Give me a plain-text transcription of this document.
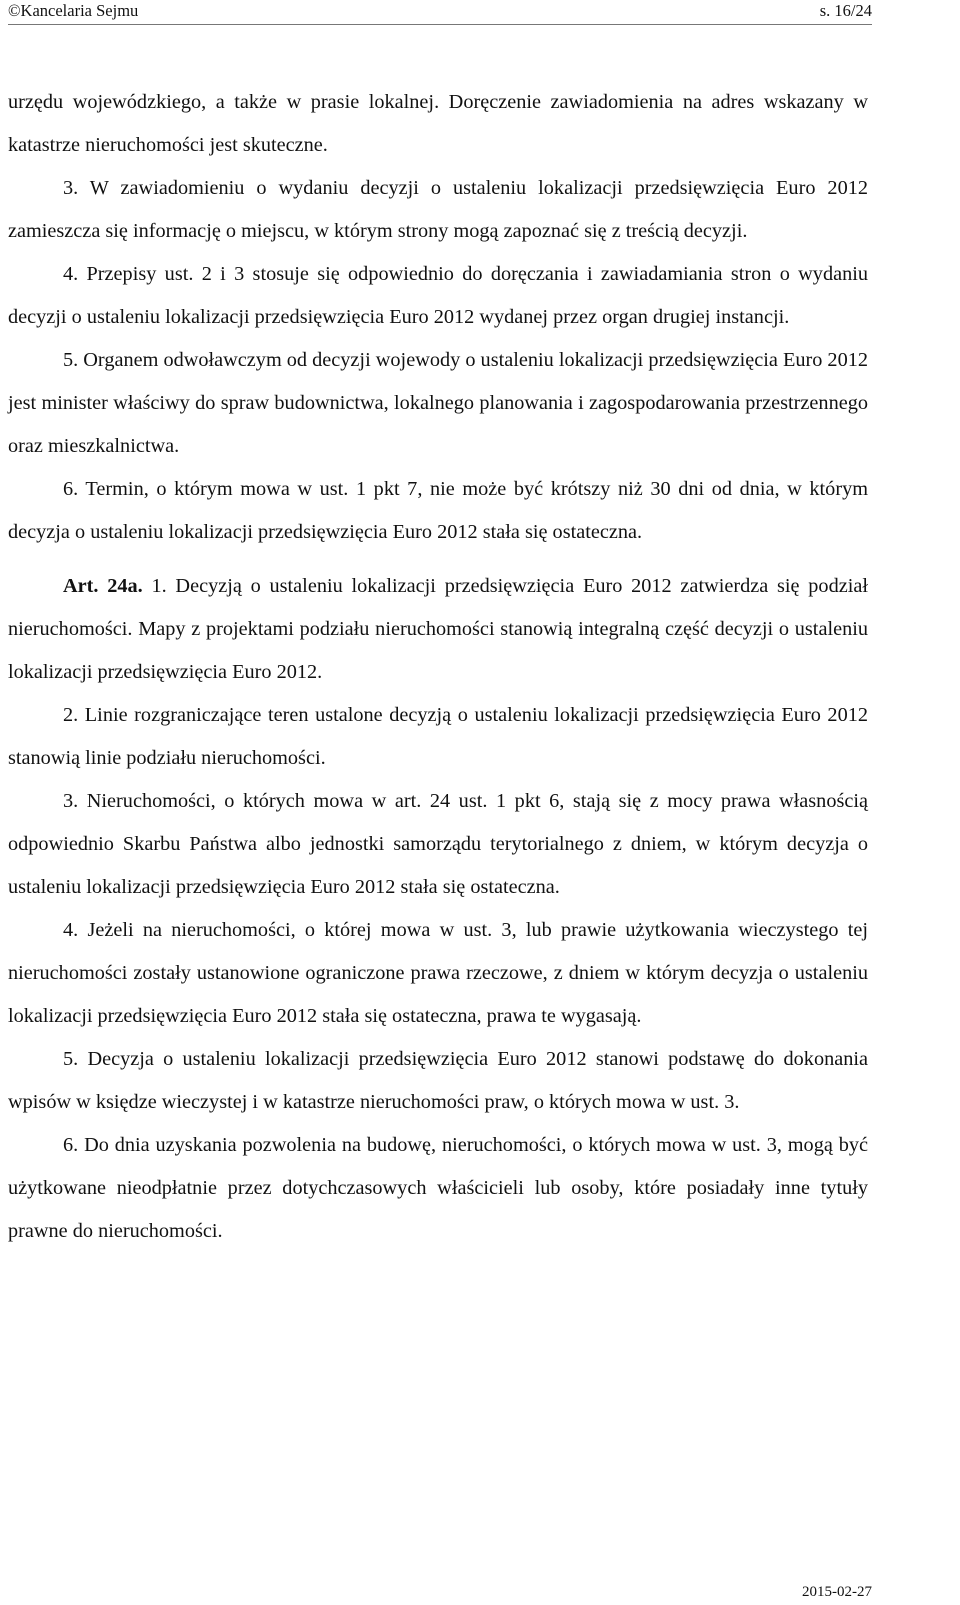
©Kancelaria Sejmu	s. 16/24

urzędu wojewódzkiego, a także w prasie lokalnej. Doręczenie zawiadomienia na adres wskazany w katastrze nieruchomości jest skuteczne.

3. W zawiadomieniu o wydaniu decyzji o ustaleniu lokalizacji przedsięwzięcia Euro 2012 zamieszcza się informację o miejscu, w którym strony mogą zapoznać się z treścią decyzji.

4. Przepisy ust. 2 i 3 stosuje się odpowiednio do doręczania i zawiadamiania stron o wydaniu decyzji o ustaleniu lokalizacji przedsięwzięcia Euro 2012 wydanej przez organ drugiej instancji.

5. Organem odwoławczym od decyzji wojewody o ustaleniu lokalizacji przedsięwzięcia Euro 2012 jest minister właściwy do spraw budownictwa, lokalnego planowania i zagospodarowania przestrzennego oraz mieszkalnictwa.

6. Termin, o którym mowa w ust. 1 pkt 7, nie może być krótszy niż 30 dni od dnia, w którym decyzja o ustaleniu lokalizacji przedsięwzięcia Euro 2012 stała się ostateczna.

Art. 24a. 1. Decyzją o ustaleniu lokalizacji przedsięwzięcia Euro 2012 zatwierdza się podział nieruchomości. Mapy z projektami podziału nieruchomości stanowią integralną część decyzji o ustaleniu lokalizacji przedsięwzięcia Euro 2012.

2. Linie rozgraniczające teren ustalone decyzją o ustaleniu lokalizacji przedsięwzięcia Euro 2012 stanowią linie podziału nieruchomości.

3. Nieruchomości, o których mowa w art. 24 ust. 1 pkt 6, stają się z mocy prawa własnością odpowiednio Skarbu Państwa albo jednostki samorządu terytorialnego z dniem, w którym decyzja o ustaleniu lokalizacji przedsięwzięcia Euro 2012 stała się ostateczna.

4. Jeżeli na nieruchomości, o której mowa w ust. 3, lub prawie użytkowania wieczystego tej nieruchomości zostały ustanowione ograniczone prawa rzeczowe, z dniem w którym decyzja o ustaleniu lokalizacji przedsięwzięcia Euro 2012 stała się ostateczna, prawa te wygasają.

5. Decyzja o ustaleniu lokalizacji przedsięwzięcia Euro 2012 stanowi podstawę do dokonania wpisów w księdze wieczystej i w katastrze nieruchomości praw, o których mowa w ust. 3.

6. Do dnia uzyskania pozwolenia na budowę, nieruchomości, o których mowa w ust. 3, mogą być użytkowane nieodpłatnie przez dotychczasowych właścicieli lub osoby, które posiadały inne tytuły prawne do nieruchomości.

2015-02-27
